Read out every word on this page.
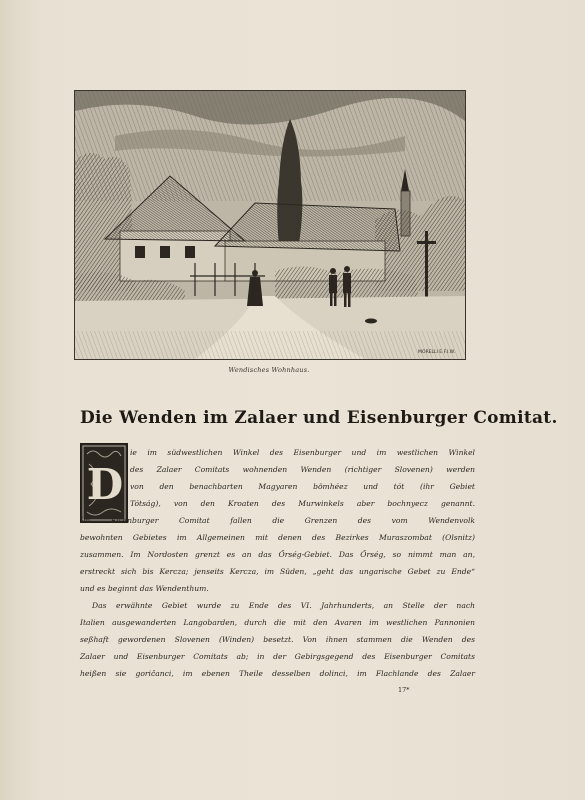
MORELLI E.F.I.W.
Wendisches Wohnhaus.
Die Wenden im Zalaer und Eisenburger Comitat.
D
ie im südwestlichen Winkel des Eisenburger und im westlichen Winkel
des Zalaer Comitats wohnenden Wenden (richtiger Slovenen) werden
von den benachbarten Magyaren bömhéez und tót (ihr Gebiet
Tótság), von den Kroaten des Murwinkels aber bochnyecz genannt.
Im Eisenburger Comitat fallen die Grenzen des vom Wendenvolk
bewohnten Gebietes im Allgemeinen mit denen des Bezirkes Muraszombat (Olsnitz)
zusammen. Im Nordosten grenzt es an das Őrség-Gebiet. Das Őrség, so nimmt man an,
erstreckt sich bis Kercza; jenseits Kercza, im Süden, „geht das ungarische Gebet zu Ende“
und es beginnt das Wendenthum.
Das erwähnte Gebiet wurde zu Ende des VI. Jahrhunderts, an Stelle der nach
Italien ausgewanderten Langobarden, durch die mit den Avaren im westlichen Pannonien
seßhaft gewordenen Slovenen (Winden) besetzt. Von ihnen stammen die Wenden des
Zalaer und Eisenburger Comitats ab; in der Gebirgsgegend des Eisenburger Comitats
heißen sie goričanci, im ebenen Theile desselben dolinci, im Flachlande des Zalaer
17*
